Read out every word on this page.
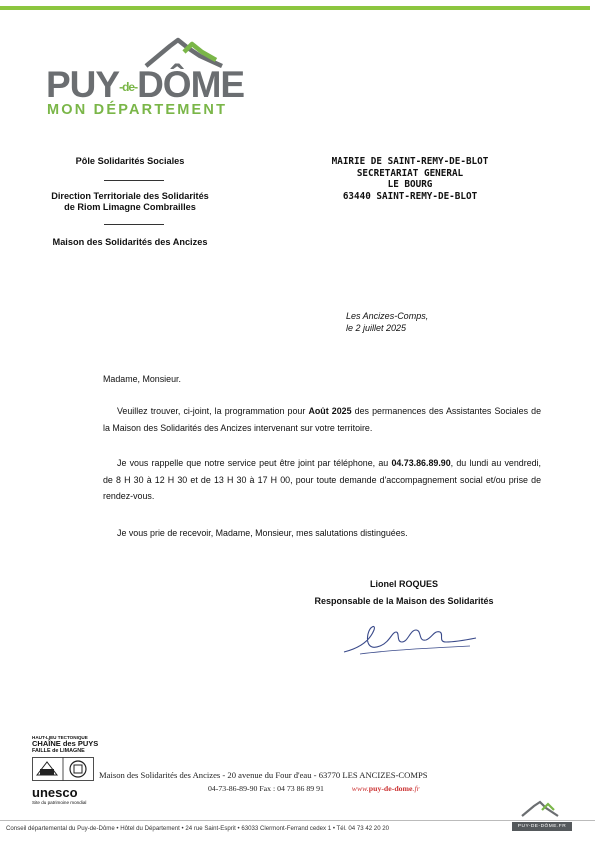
PUY-de-DÔME
MON DÉPARTEMENT
Pôle Solidarités Sociales
Direction Territoriale des Solidarités
de Riom Limagne Combrailles
Maison des Solidarités des Ancizes
MAIRIE DE SAINT-REMY-DE-BLOT
SECRETARIAT GENERAL
LE BOURG
63440 SAINT-REMY-DE-BLOT
Les Ancizes-Comps,
le 2 juillet 2025
Madame, Monsieur.
Veuillez trouver, ci-joint, la programmation pour Août 2025 des permanences des Assistantes Sociales de la Maison des Solidarités des Ancizes intervenant sur votre territoire.
Je vous rappelle que notre service peut être joint par téléphone, au 04.73.86.89.90, du lundi au vendredi, de 8 H 30 à 12 H 30 et de 13 H 30 à 17 H 00, pour toute demande d'accompagnement social et/ou prise de rendez-vous.
Je vous prie de recevoir, Madame, Monsieur, mes salutations distinguées.
Lionel ROQUES
Responsable de la Maison des Solidarités
HAUT-LIEU TECTONIQUE
CHAÎNE des PUYS
FAILLE de LIMAGNE
unesco
Site du patrimoine mondial
Maison des Solidarités des Ancizes - 20 avenue du Four d'eau - 63770 LES ANCIZES-COMPS
04-73-86-89-90 Fax : 04 73 86 89 91	www.puy-de-dome.fr
Conseil départemental du Puy-de-Dôme • Hôtel du Département • 24 rue Saint-Esprit • 63033 Clermont-Ferrand cedex 1 • Tél. 04 73 42 20 20	PUY-DE-DÔME.FR
